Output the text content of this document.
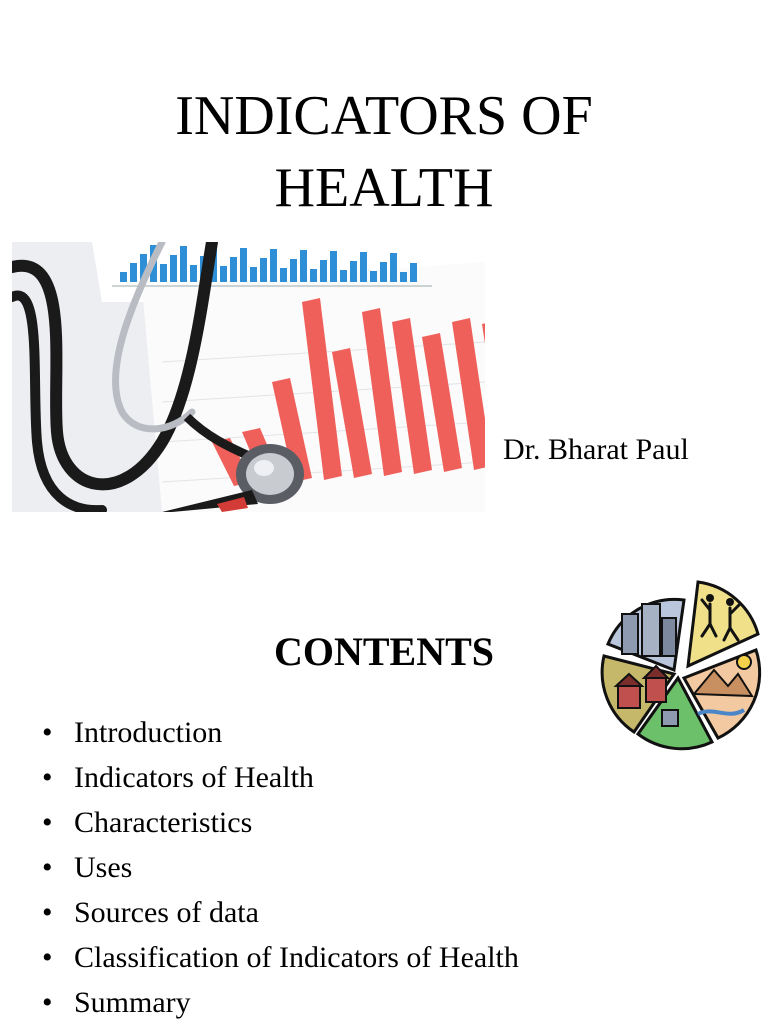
INDICATORS OF
HEALTH
Dr. Bharat Paul
CONTENTS
• Introduction
• Indicators of Health
• Characteristics
• Uses
• Sources of data
• Classification of Indicators of Health
• Summary
